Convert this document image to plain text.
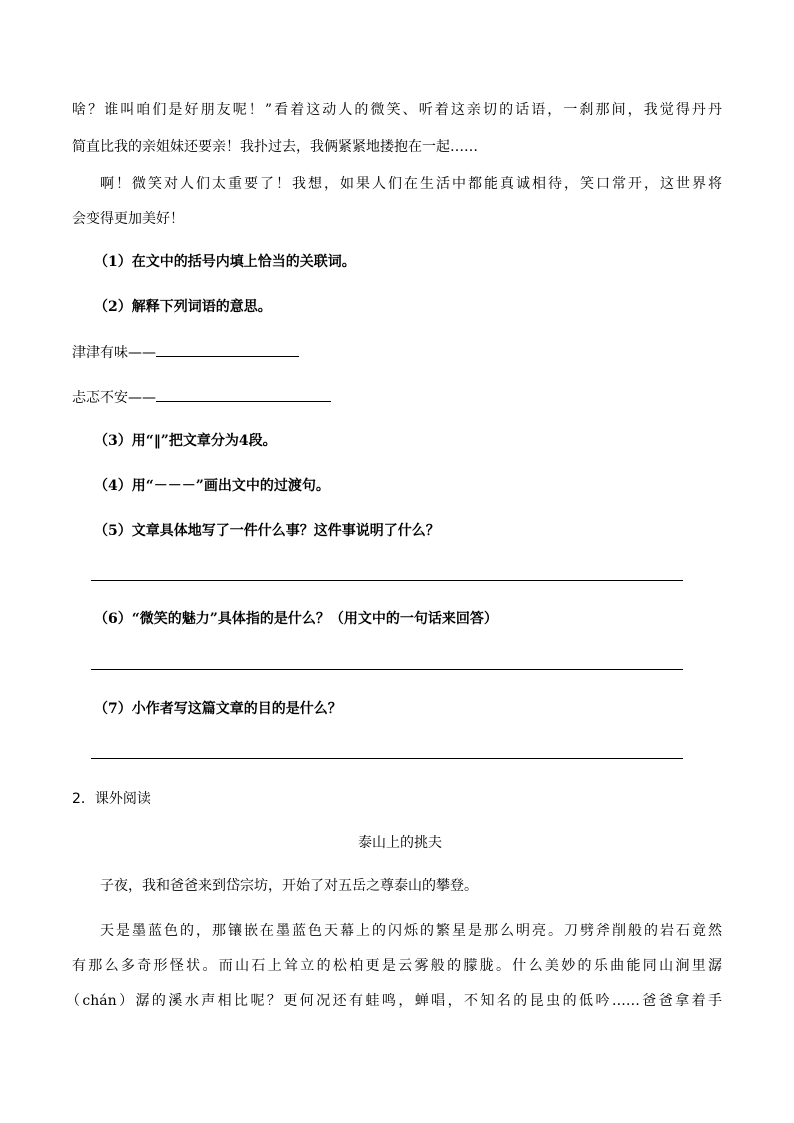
啥？谁叫咱们是好朋友呢！”看着这动人的微笑、听着这亲切的话语，一刹那间，我觉得丹丹
简直比我的亲姐妹还要亲！我扑过去，我俩紧紧地搂抱在一起……
啊！微笑对人们太重要了！我想，如果人们在生活中都能真诚相待，笑口常开，这世界将
会变得更加美好！
（1）在文中的括号内填上恰当的关联词。
（2）解释下列词语的意思。
津津有味——
忐忑不安——
（3）用“‖”把文章分为4段。
（4）用“－－－”画出文中的过渡句。
（5）文章具体地写了一件什么事？这件事说明了什么？
（6）“微笑的魅力”具体指的是什么？（用文中的一句话来回答）
（7）小作者写这篇文章的目的是什么？
2．课外阅读
泰山上的挑夫
子夜，我和爸爸来到岱宗坊，开始了对五岳之尊泰山的攀登。
天是墨蓝色的，那镶嵌在墨蓝色天幕上的闪烁的繁星是那么明亮。刀劈斧削般的岩石竟然
有那么多奇形怪状。而山石上耸立的松柏更是云雾般的朦胧。什么美妙的乐曲能同山涧里潺
（chán）潺的溪水声相比呢？更何况还有蛙鸣，蝉唱，不知名的昆虫的低吟……爸爸拿着手
